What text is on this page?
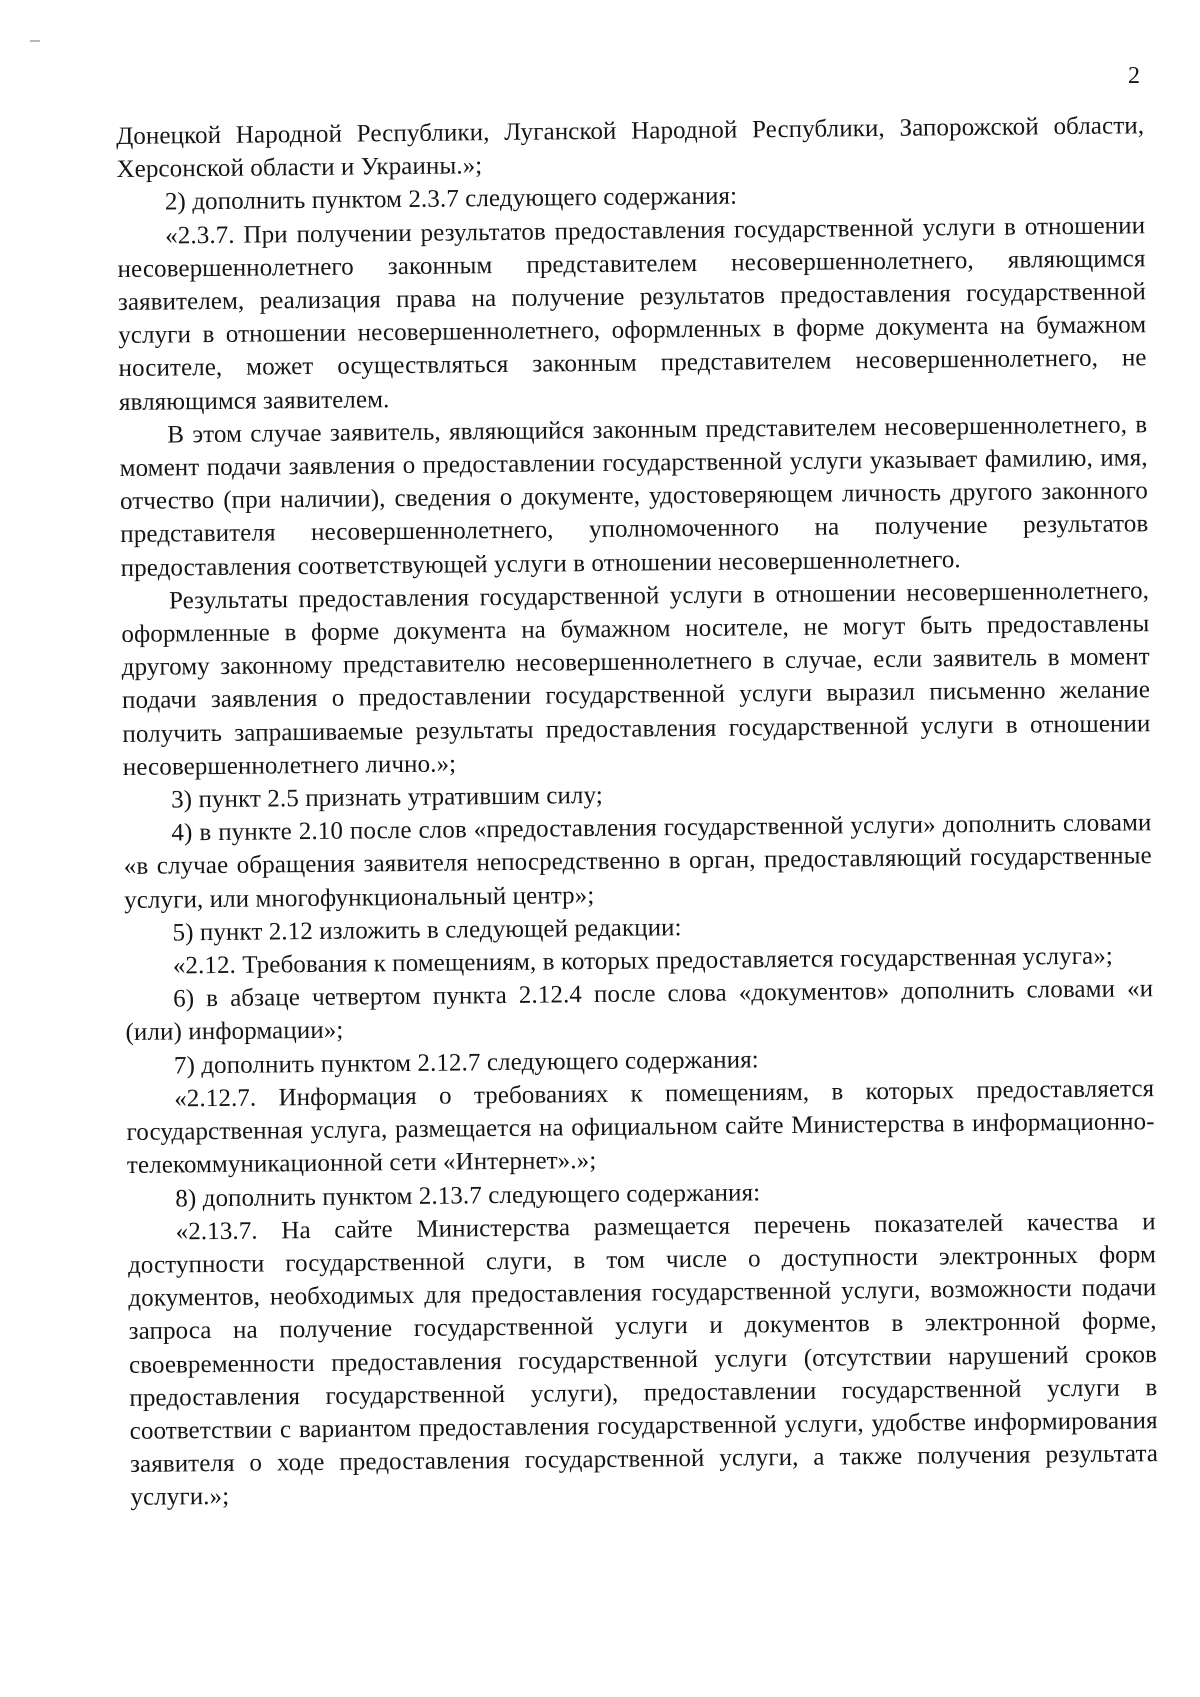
2

Донецкой Народной Республики, Луганской Народной Республики, Запорожской области, Херсонской области и Украины.»;

2) дополнить пунктом 2.3.7 следующего содержания:

«2.3.7. При получении результатов предоставления государственной услуги в отношении несовершеннолетнего законным представителем несовершеннолетнего, являющимся заявителем, реализация права на получение результатов предоставления государственной услуги в отношении несовершеннолетнего, оформленных в форме документа на бумажном носителе, может осуществляться законным представителем несовершеннолетнего, не являющимся заявителем.

В этом случае заявитель, являющийся законным представителем несовершеннолетнего, в момент подачи заявления о предоставлении государственной услуги указывает фамилию, имя, отчество (при наличии), сведения о документе, удостоверяющем личность другого законного представителя несовершеннолетнего, уполномоченного на получение результатов предоставления соответствующей услуги в отношении несовершеннолетнего.

Результаты предоставления государственной услуги в отношении несовершеннолетнего, оформленные в форме документа на бумажном носителе, не могут быть предоставлены другому законному представителю несовершеннолетнего в случае, если заявитель в момент подачи заявления о предоставлении государственной услуги выразил письменно желание получить запрашиваемые результаты предоставления государственной услуги в отношении несовершеннолетнего лично.»;

3) пункт 2.5 признать утратившим силу;

4) в пункте 2.10 после слов «предоставления государственной услуги» дополнить словами «в случае обращения заявителя непосредственно в орган, предоставляющий государственные услуги, или многофункциональный центр»;

5) пункт 2.12 изложить в следующей редакции:

«2.12. Требования к помещениям, в которых предоставляется государственная услуга»;

6) в абзаце четвертом пункта 2.12.4 после слова «документов» дополнить словами «и (или) информации»;

7) дополнить пунктом 2.12.7 следующего содержания:

«2.12.7. Информация о требованиях к помещениям, в которых предоставляется государственная услуга, размещается на официальном сайте Министерства в информационно-телекоммуникационной сети «Интернет».»;

8) дополнить пунктом 2.13.7 следующего содержания:

«2.13.7. На сайте Министерства размещается перечень показателей качества и доступности государственной слуги, в том числе о доступности электронных форм документов, необходимых для предоставления государственной услуги, возможности подачи запроса на получение государственной услуги и документов в электронной форме, своевременности предоставления государственной услуги (отсутствии нарушений сроков предоставления государственной услуги), предоставлении государственной услуги в соответствии с вариантом предоставления государственной услуги, удобстве информирования заявителя о ходе предоставления государственной услуги, а также получения результата услуги.»;
